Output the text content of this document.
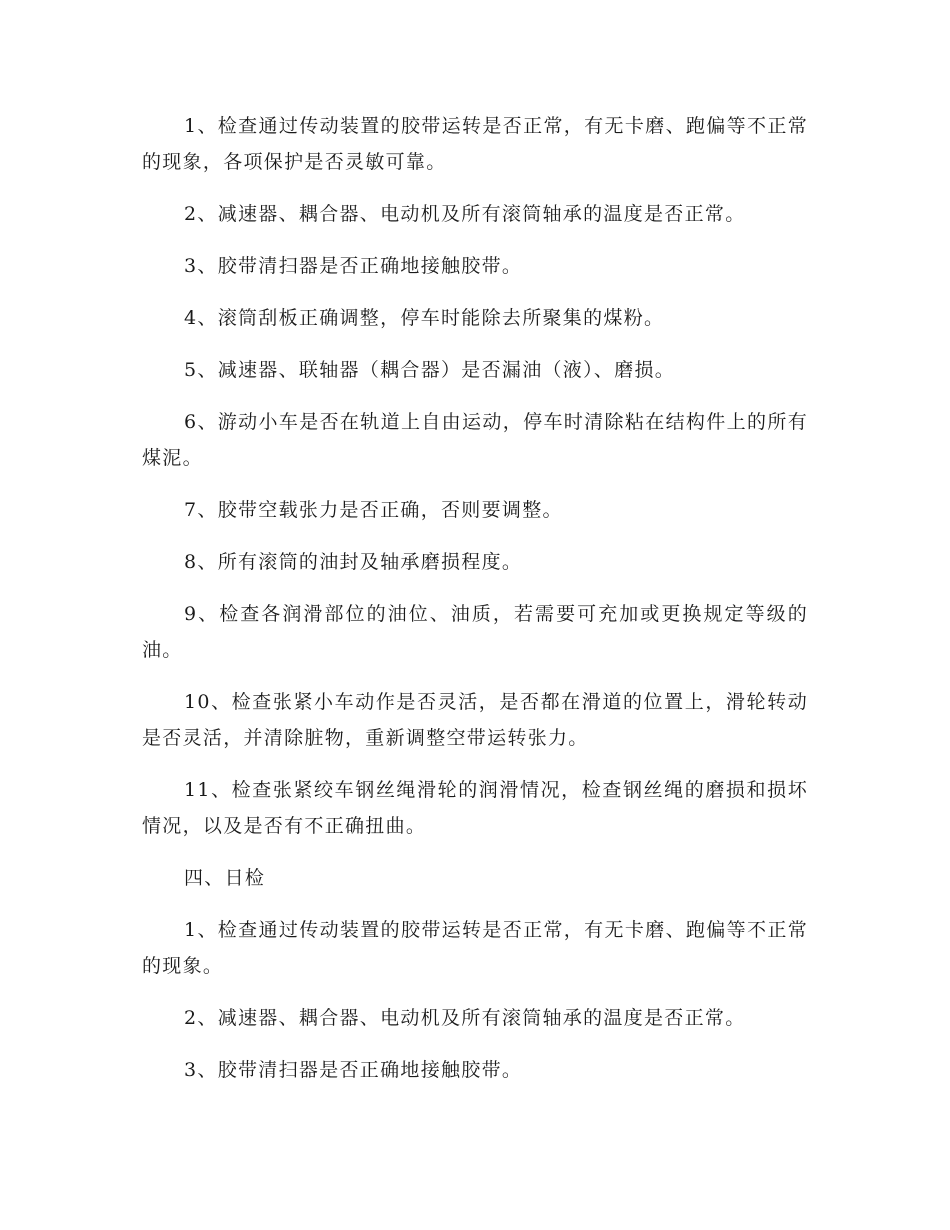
1、检查通过传动装置的胶带运转是否正常，有无卡磨、跑偏等不正常的现象，各项保护是否灵敏可靠。

2、减速器、耦合器、电动机及所有滚筒轴承的温度是否正常。

3、胶带清扫器是否正确地接触胶带。

4、滚筒刮板正确调整，停车时能除去所聚集的煤粉。

5、减速器、联轴器（耦合器）是否漏油（液）、磨损。

6、游动小车是否在轨道上自由运动，停车时清除粘在结构件上的所有煤泥。

7、胶带空载张力是否正确，否则要调整。

8、所有滚筒的油封及轴承磨损程度。

9、检查各润滑部位的油位、油质，若需要可充加或更换规定等级的油。

10、检查张紧小车动作是否灵活，是否都在滑道的位置上，滑轮转动是否灵活，并清除脏物，重新调整空带运转张力。

11、检查张紧绞车钢丝绳滑轮的润滑情况，检查钢丝绳的磨损和损坏情况，以及是否有不正确扭曲。

四、日检

1、检查通过传动装置的胶带运转是否正常，有无卡磨、跑偏等不正常的现象。

2、减速器、耦合器、电动机及所有滚筒轴承的温度是否正常。

3、胶带清扫器是否正确地接触胶带。
